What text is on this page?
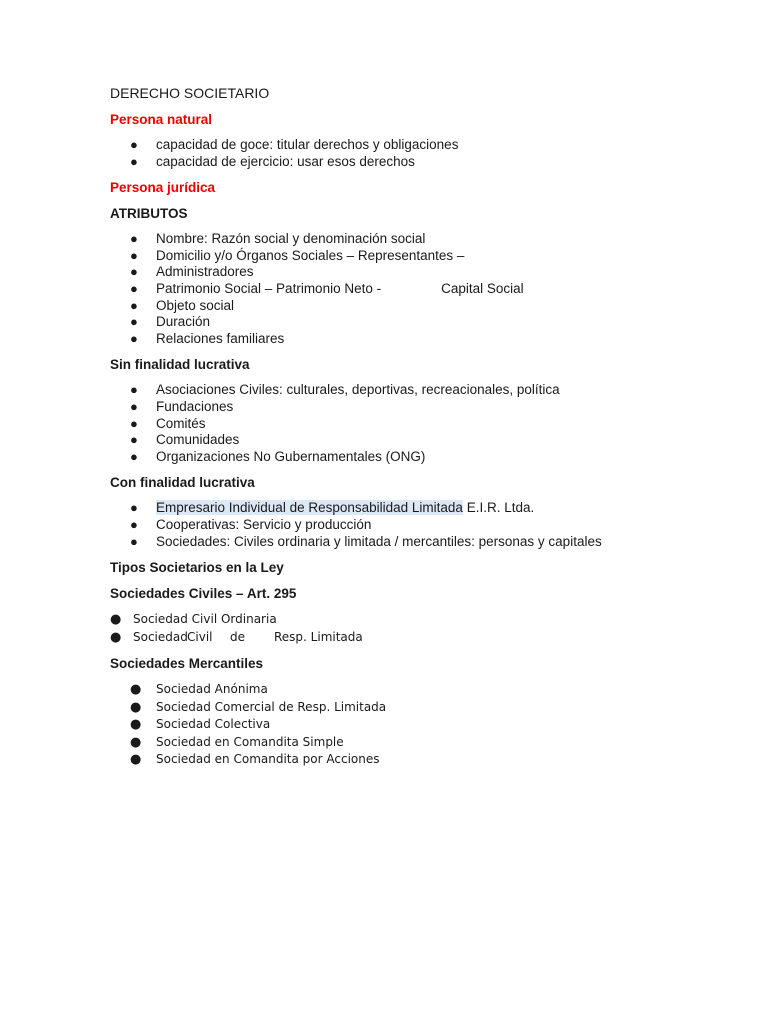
DERECHO SOCIETARIO
Persona natural
● capacidad de goce: titular derechos y obligaciones
● capacidad de ejercicio: usar esos derechos
Persona jurídica
ATRIBUTOS
● Nombre: Razón social y denominación social
● Domicilio y/o Órganos Sociales – Representantes –
● Administradores
● Patrimonio Social – Patrimonio Neto -	Capital Social
● Objeto social
● Duración
● Relaciones familiares
Sin finalidad lucrativa
● Asociaciones Civiles: culturales, deportivas, recreacionales, política
● Fundaciones
● Comités
● Comunidades
● Organizaciones No Gubernamentales (ONG)
Con finalidad lucrativa
● Empresario Individual de Responsabilidad Limitada E.I.R. Ltda.
● Cooperativas: Servicio y producción
● Sociedades: Civiles ordinaria y limitada / mercantiles: personas y capitales
Tipos Societarios en la Ley
Sociedades Civiles – Art. 295
● Sociedad Civil Ordinaria
● SociedadCivil de Resp. Limitada
Sociedades Mercantiles
● Sociedad Anónima
● Sociedad Comercial de Resp. Limitada
● Sociedad Colectiva
● Sociedad en Comandita Simple
● Sociedad en Comandita por Acciones
